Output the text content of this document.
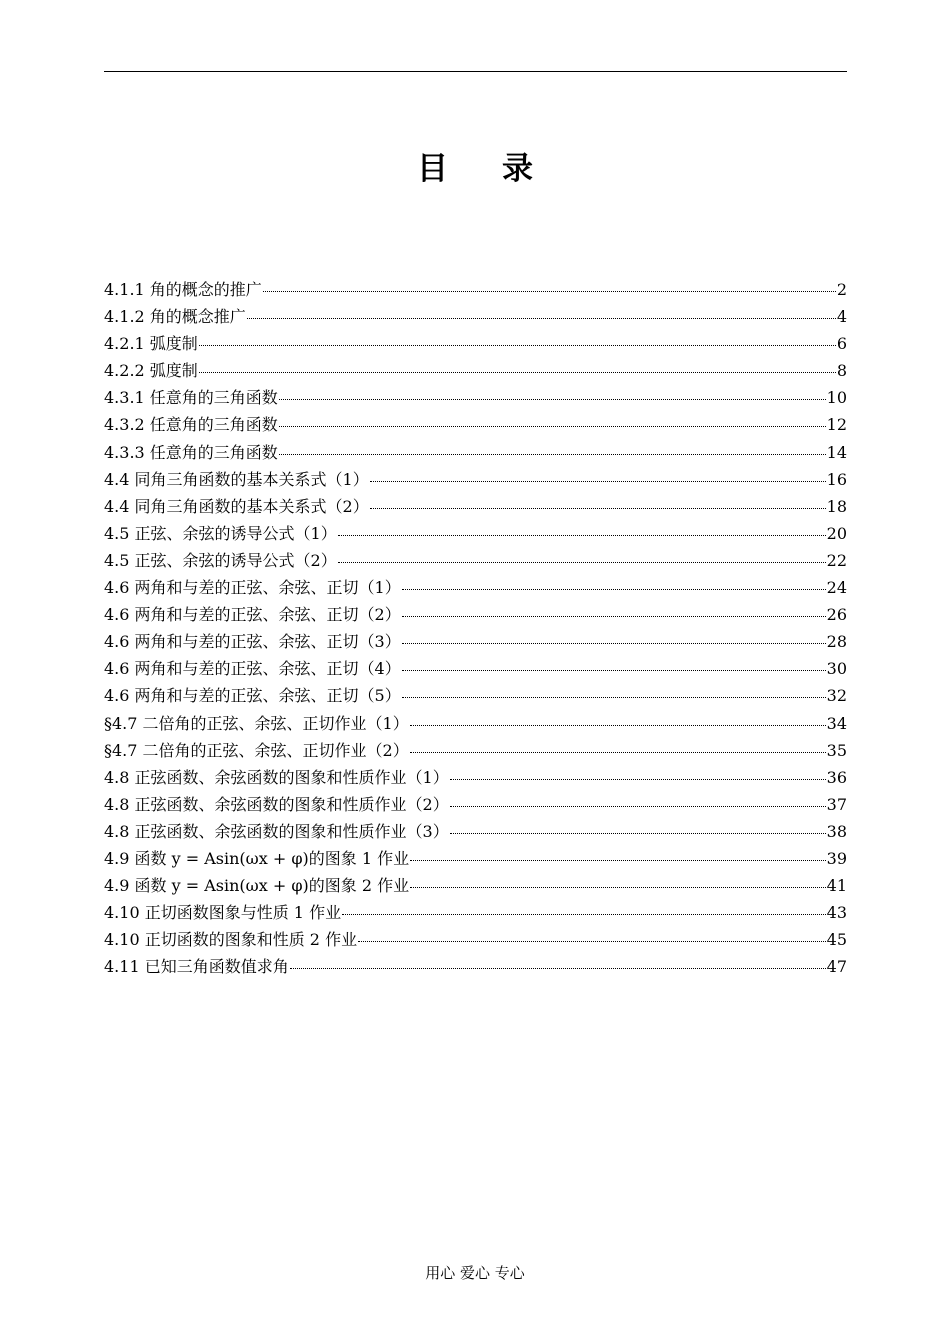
目 录
4.1.1 角的概念的推广	2
4.1.2 角的概念推广	4
4.2.1 弧度制	6
4.2.2 弧度制	8
4.3.1 任意角的三角函数	10
4.3.2 任意角的三角函数	12
4.3.3 任意角的三角函数	14
4.4 同角三角函数的基本关系式（1）	16
4.4 同角三角函数的基本关系式（2）	18
4.5 正弦、余弦的诱导公式（1）	20
4.5 正弦、余弦的诱导公式（2）	22
4.6 两角和与差的正弦、余弦、正切（1）	24
4.6 两角和与差的正弦、余弦、正切（2）	26
4.6 两角和与差的正弦、余弦、正切（3）	28
4.6 两角和与差的正弦、余弦、正切（4）	30
4.6 两角和与差的正弦、余弦、正切（5）	32
§4.7 二倍角的正弦、余弦、正切作业（1）	34
§4.7 二倍角的正弦、余弦、正切作业（2）	35
4.8 正弦函数、余弦函数的图象和性质作业（1）	36
4.8 正弦函数、余弦函数的图象和性质作业（2）	37
4.8 正弦函数、余弦函数的图象和性质作业（3）	38
4.9 函数 y = Asin(ωx + φ)的图象 1 作业	39
4.9 函数 y = Asin(ωx + φ)的图象 2 作业	41
4.10 正切函数图象与性质 1 作业	43
4.10 正切函数的图象和性质 2 作业	45
4.11 已知三角函数值求角	47
用心 爱心 专心
